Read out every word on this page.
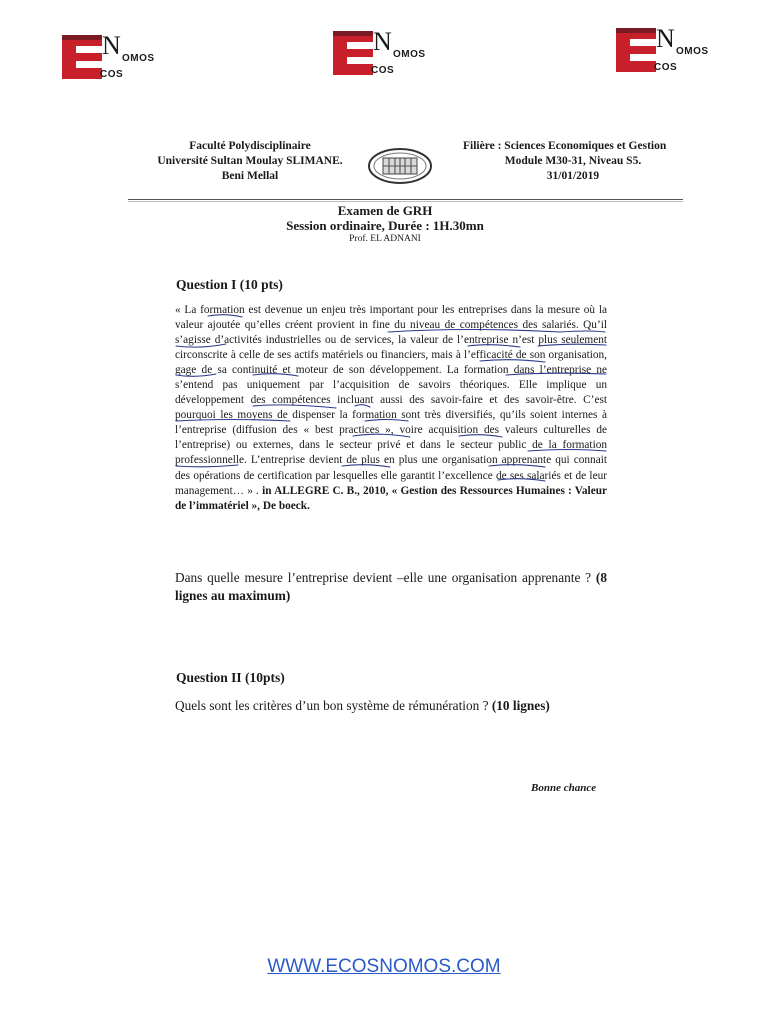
N OMOS
COS
N OMOS
COS
N OMOS
COS
Faculté Polydisciplinaire
Université Sultan Moulay SLIMANE.
Beni Mellal
Filière : Sciences Economiques et Gestion
Module M30-31, Niveau S5.
31/01/2019
Examen de GRH
Session ordinaire, Durée : 1H.30mn
Prof. EL ADNANI
Question I (10 pts)
« La formation est devenue un enjeu très important pour les entreprises dans la mesure où la valeur ajoutée qu’elles créent provient in fine du niveau de compétences des salariés. Qu’il s’agisse d’activités industrielles ou de services, la valeur de l’entreprise n’est plus seulement circonscrite à celle de ses actifs matériels ou financiers, mais à l’efficacité de son organisation, gage de sa continuité et moteur de son développement. La formation dans l’entreprise ne s’entend pas uniquement par l’acquisition de savoirs théoriques. Elle implique un développement des compétences incluant aussi des savoir-faire et des savoir-être. C’est pourquoi les moyens de dispenser la formation sont très diversifiés, qu’ils soient internes à l’entreprise (diffusion des « best practices », voire acquisition des valeurs culturelles de l’entreprise) ou externes, dans le secteur privé et dans le secteur public de la formation professionnelle. L’entreprise devient de plus en plus une organisation apprenante qui connait des opérations de certification par lesquelles elle garantit l’excellence de ses salariés et de leur management… » . in ALLEGRE C. B., 2010, « Gestion des Ressources Humaines : Valeur de l’immatériel », De boeck.
Dans quelle mesure l’entreprise devient –elle une organisation apprenante ? (8 lignes au maximum)
Question II (10pts)
Quels sont les critères d’un bon système de rémunération ? (10 lignes)
Bonne chance
WWW.ECOSNOMOS.COM
